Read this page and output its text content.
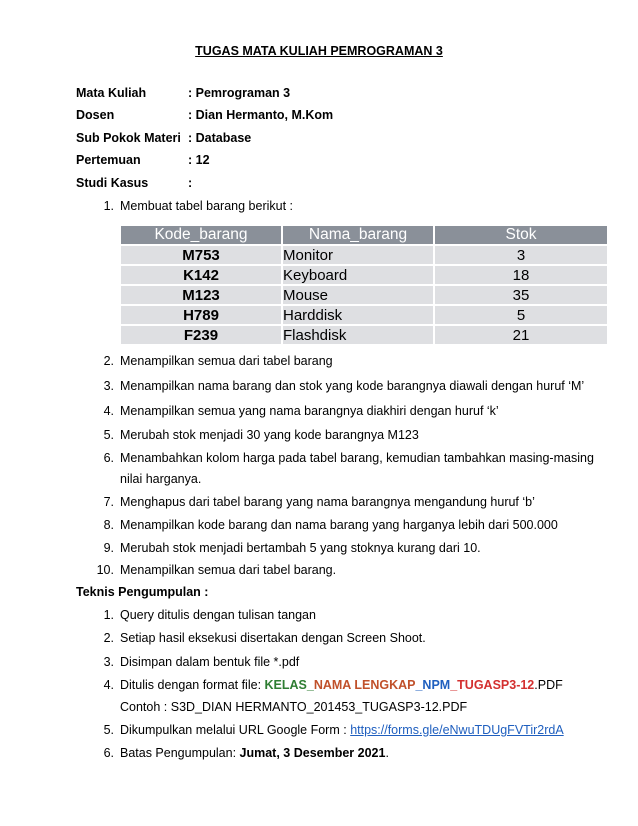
TUGAS MATA KULIAH PEMROGRAMAN 3
Mata Kuliah	: Pemrograman 3
Dosen	: Dian Hermanto, M.Kom
Sub Pokok Materi : Database
Pertemuan	: 12
Studi Kasus	:
1. Membuat tabel barang berikut :
Kode_barang	Nama_barang	Stok
M753	Monitor	3
K142	Keyboard	18
M123	Mouse	35
H789	Harddisk	5
F239	Flashdisk	21
2. Menampilkan semua dari tabel barang
3. Menampilkan nama barang dan stok yang kode barangnya diawali dengan huruf ‘M’
4. Menampilkan semua yang nama barangnya diakhiri dengan huruf ‘k’
5. Merubah stok menjadi 30 yang kode barangnya M123
6. Menambahkan kolom harga pada tabel barang, kemudian tambahkan masing-masing
nilai harganya.
7. Menghapus dari tabel barang yang nama barangnya mengandung huruf ‘b’
8. Menampilkan kode barang dan nama barang yang harganya lebih dari 500.000
9. Merubah stok menjadi bertambah 5 yang stoknya kurang dari 10.
10. Menampilkan semua dari tabel barang.
Teknis Pengumpulan :
1. Query ditulis dengan tulisan tangan
2. Setiap hasil eksekusi disertakan dengan Screen Shoot.
3. Disimpan dalam bentuk file *.pdf
4. Ditulis dengan format file: KELAS_NAMA LENGKAP_NPM_TUGASP3-12.PDF
Contoh : S3D_DIAN HERMANTO_201453_TUGASP3-12.PDF
5. Dikumpulkan melalui URL Google Form : https://forms.gle/eNwuTDUgFVTir2rdA
6. Batas Pengumpulan: Jumat, 3 Desember 2021.
